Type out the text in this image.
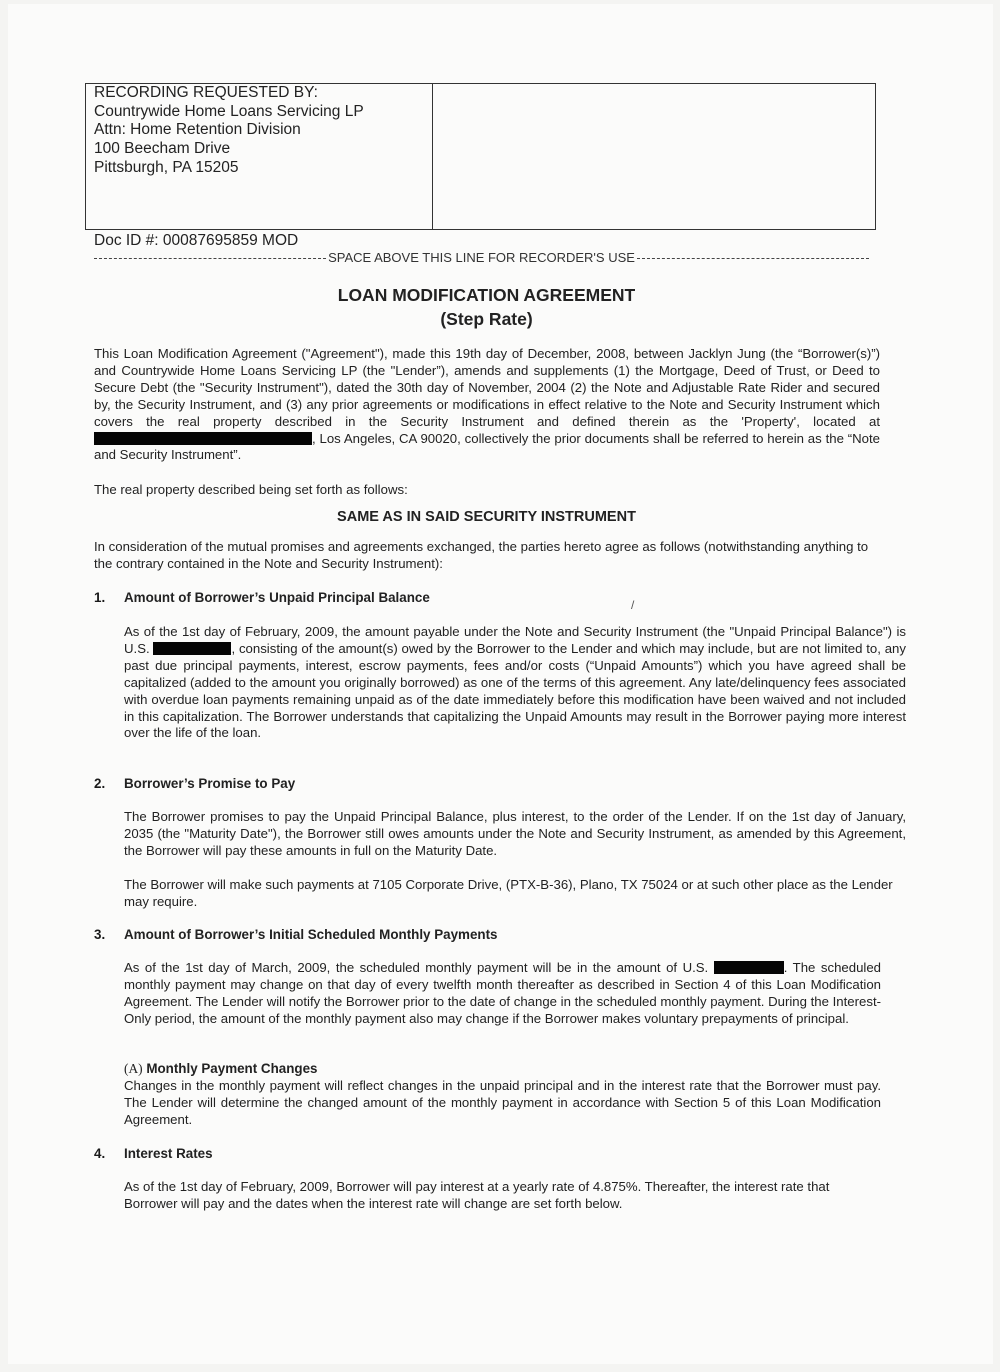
RECORDING REQUESTED BY:
Countrywide Home Loans Servicing LP
Attn: Home Retention Division
100 Beecham Drive
Pittsburgh, PA 15205
Doc ID #: 00087695859 MOD
SPACE ABOVE THIS LINE FOR RECORDER'S USE
LOAN MODIFICATION AGREEMENT
(Step Rate)
This Loan Modification Agreement ("Agreement"), made this 19th day of December, 2008, between Jacklyn Jung (the “Borrower(s)”) and Countrywide Home Loans Servicing LP (the "Lender”), amends and supplements (1) the Mortgage, Deed of Trust, or Deed to Secure Debt (the "Security Instrument"), dated the 30th day of November, 2004 (2) the Note and Adjustable Rate Rider and secured by, the Security Instrument, and (3) any prior agreements or modifications in effect relative to the Note and Security Instrument which covers the real property described in the Security Instrument and defined therein as the 'Property', located at , Los Angeles, CA 90020, collectively the prior documents shall be referred to herein as the “Note and Security Instrument”.
The real property described being set forth as follows:
SAME AS IN SAID SECURITY INSTRUMENT
In consideration of the mutual promises and agreements exchanged, the parties hereto agree as follows (notwithstanding anything to the contrary contained in the Note and Security Instrument):
1. Amount of Borrower’s Unpaid Principal Balance	/
As of the 1st day of February, 2009, the amount payable under the Note and Security Instrument (the "Unpaid Principal Balance") is U.S.	, consisting of the amount(s) owed by the Borrower to the Lender and which may include, but are not limited to, any past due principal payments, interest, escrow payments, fees and/or costs (“Unpaid Amounts”) which you have agreed shall be capitalized (added to the amount you originally borrowed) as one of the terms of this agreement. Any late/delinquency fees associated with overdue loan payments remaining unpaid as of the date immediately before this modification have been waived and not included in this capitalization. The Borrower understands that capitalizing the Unpaid Amounts may result in the Borrower paying more interest over the life of the loan.
2. Borrower’s Promise to Pay
The Borrower promises to pay the Unpaid Principal Balance, plus interest, to the order of the Lender. If on the 1st day of January, 2035 (the "Maturity Date"), the Borrower still owes amounts under the Note and Security Instrument, as amended by this Agreement, the Borrower will pay these amounts in full on the Maturity Date.
The Borrower will make such payments at 7105 Corporate Drive, (PTX-B-36), Plano, TX 75024 or at such other place as the Lender may require.
3. Amount of Borrower’s Initial Scheduled Monthly Payments
As of the 1st day of March, 2009, the scheduled monthly payment will be in the amount of U.S.	. The scheduled monthly payment may change on that day of every twelfth month thereafter as described in Section 4 of this Loan Modification Agreement. The Lender will notify the Borrower prior to the date of change in the scheduled monthly payment. During the Interest-Only period, the amount of the monthly payment also may change if the Borrower makes voluntary prepayments of principal.
(A) Monthly Payment Changes
Changes in the monthly payment will reflect changes in the unpaid principal and in the interest rate that the Borrower must pay. The Lender will determine the changed amount of the monthly payment in accordance with Section 5 of this Loan Modification Agreement.
4. Interest Rates
As of the 1st day of February, 2009, Borrower will pay interest at a yearly rate of 4.875%. Thereafter, the interest rate that Borrower will pay and the dates when the interest rate will change are set forth below.
